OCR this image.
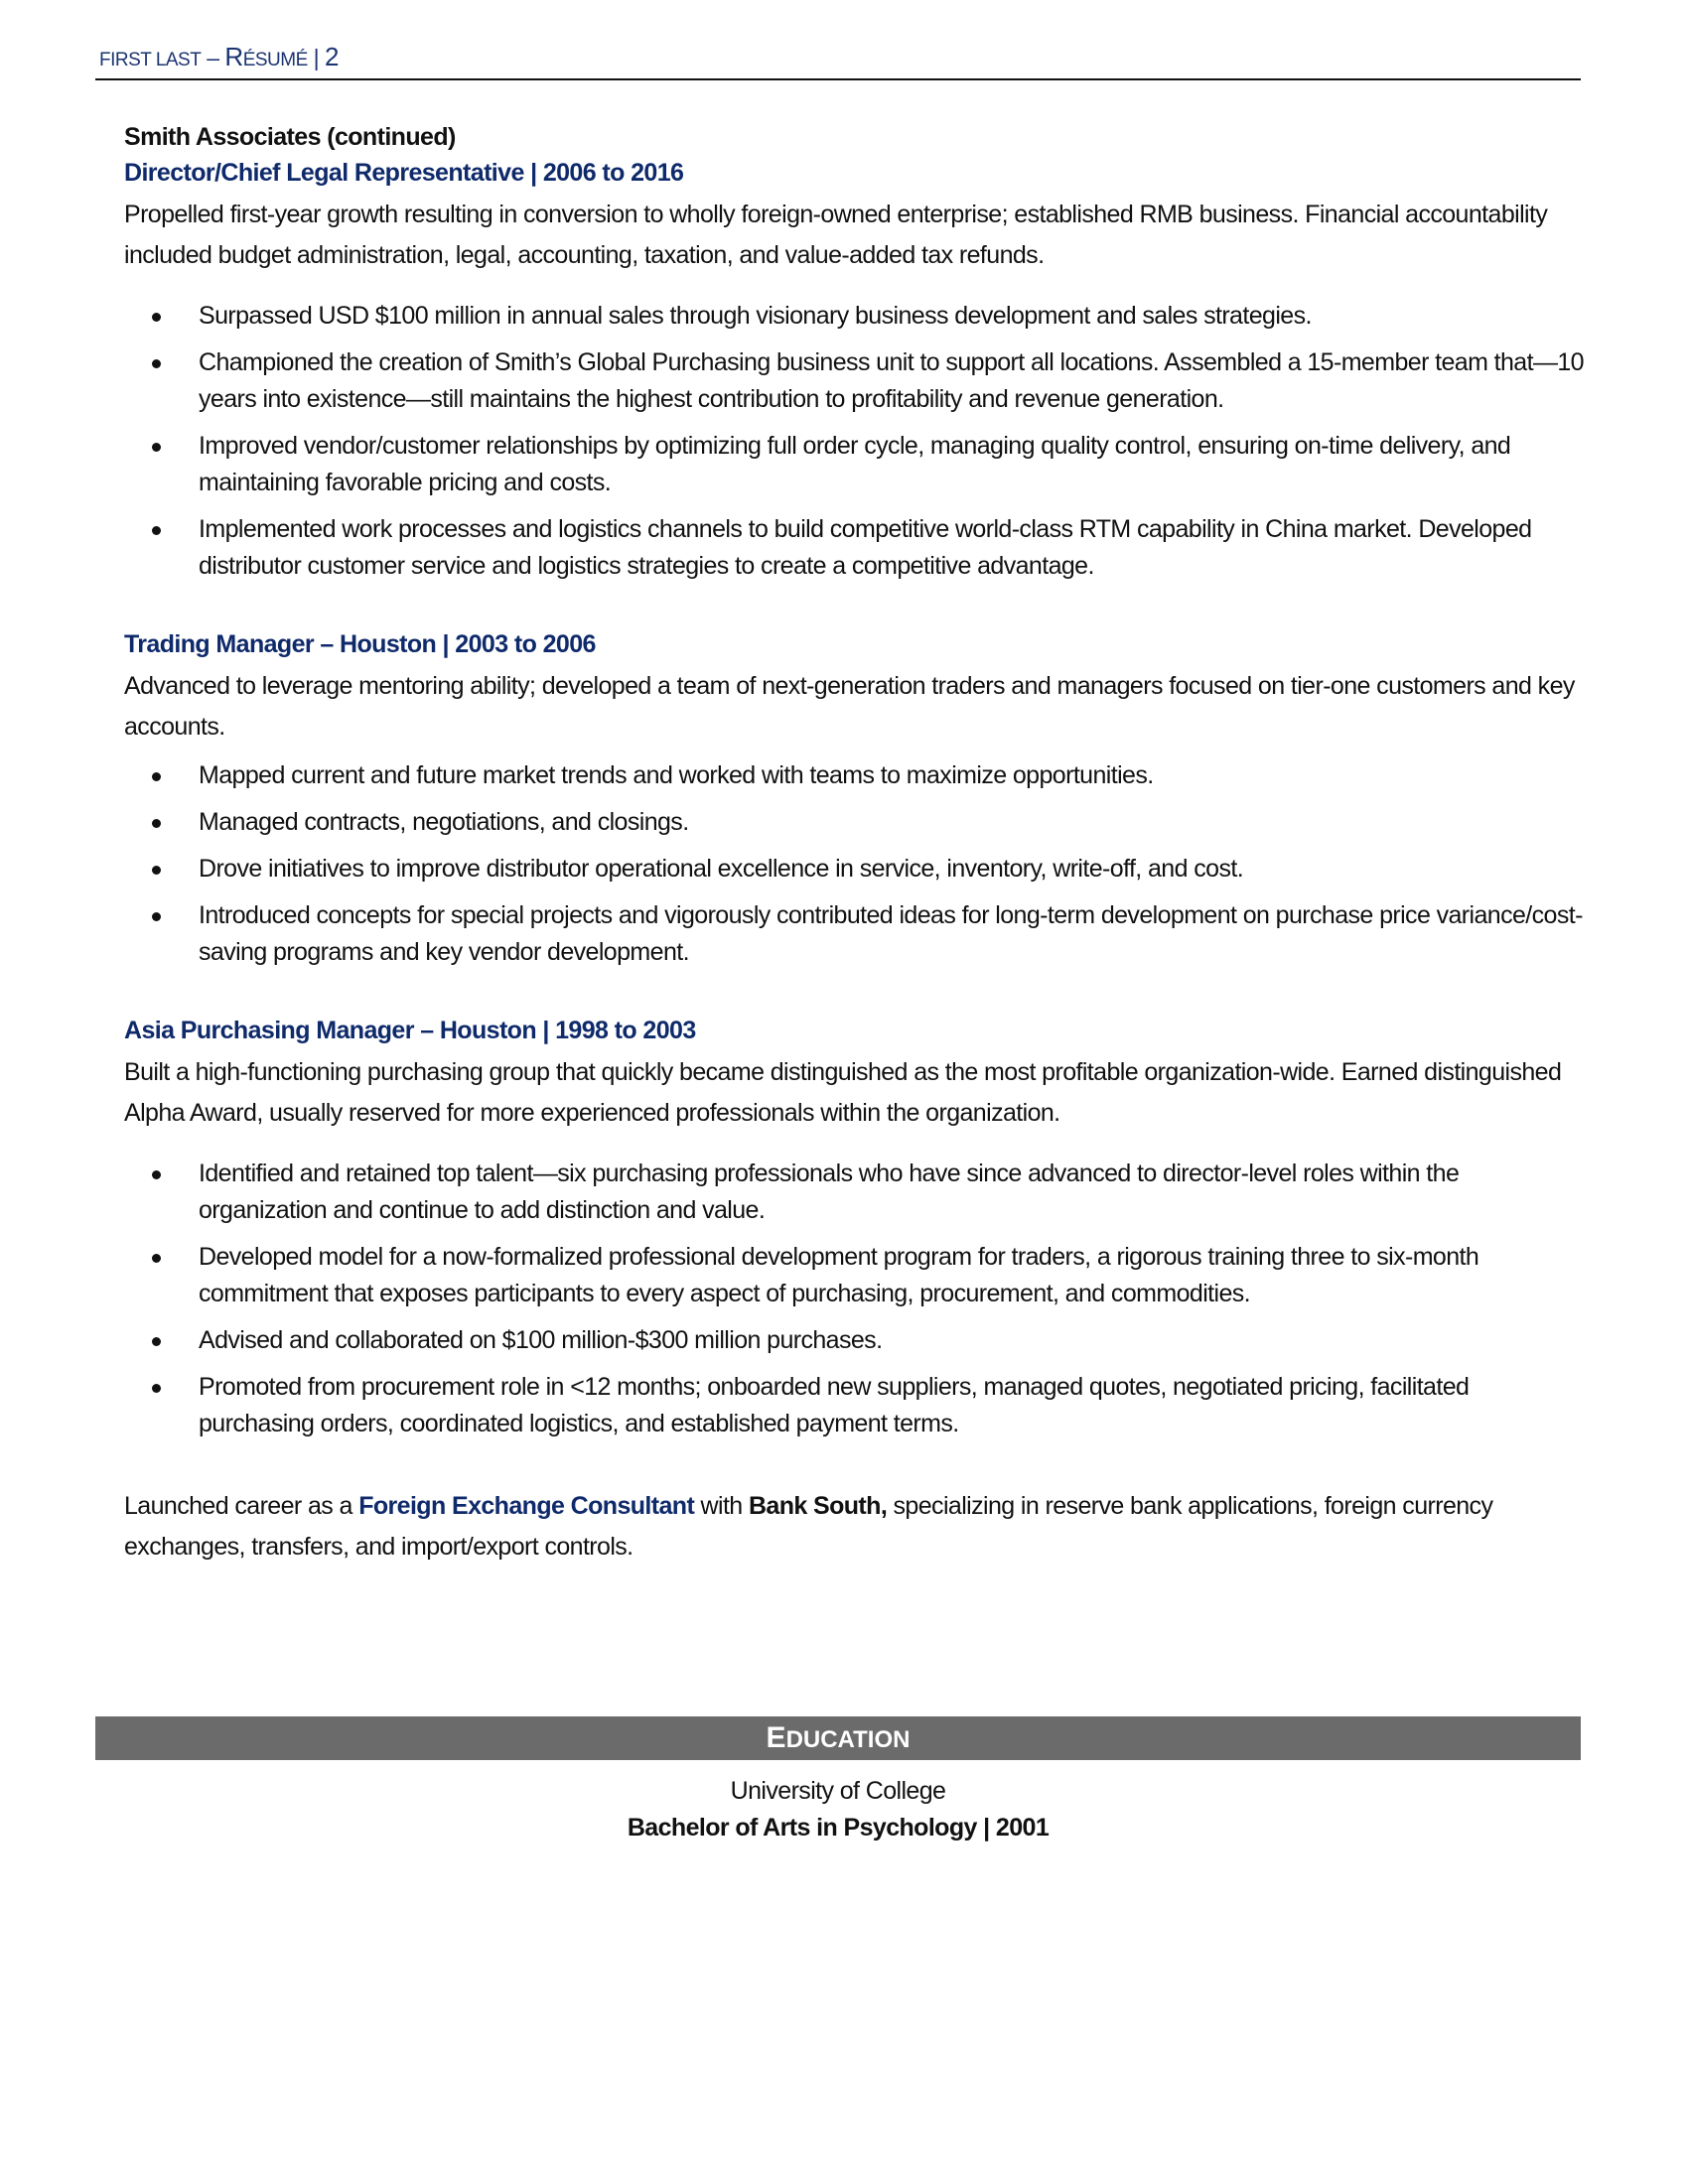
FIRST LAST – RÉSUMÉ | 2
Smith Associates (continued)
Director/Chief Legal Representative | 2006 to 2016
Propelled first-year growth resulting in conversion to wholly foreign-owned enterprise; established RMB business. Financial accountability included budget administration, legal, accounting, taxation, and value-added tax refunds.
Surpassed USD $100 million in annual sales through visionary business development and sales strategies.
Championed the creation of Smith’s Global Purchasing business unit to support all locations. Assembled a 15-member team that—10 years into existence—still maintains the highest contribution to profitability and revenue generation.
Improved vendor/customer relationships by optimizing full order cycle, managing quality control, ensuring on-time delivery, and maintaining favorable pricing and costs.
Implemented work processes and logistics channels to build competitive world-class RTM capability in China market. Developed distributor customer service and logistics strategies to create a competitive advantage.
Trading Manager – Houston | 2003 to 2006
Advanced to leverage mentoring ability; developed a team of next-generation traders and managers focused on tier-one customers and key accounts.
Mapped current and future market trends and worked with teams to maximize opportunities.
Managed contracts, negotiations, and closings.
Drove initiatives to improve distributor operational excellence in service, inventory, write-off, and cost.
Introduced concepts for special projects and vigorously contributed ideas for long-term development on purchase price variance/cost-saving programs and key vendor development.
Asia Purchasing Manager – Houston | 1998 to 2003
Built a high-functioning purchasing group that quickly became distinguished as the most profitable organization-wide. Earned distinguished Alpha Award, usually reserved for more experienced professionals within the organization.
Identified and retained top talent—six purchasing professionals who have since advanced to director-level roles within the organization and continue to add distinction and value.
Developed model for a now-formalized professional development program for traders, a rigorous training three to six-month commitment that exposes participants to every aspect of purchasing, procurement, and commodities.
Advised and collaborated on $100 million-$300 million purchases.
Promoted from procurement role in <12 months; onboarded new suppliers, managed quotes, negotiated pricing, facilitated purchasing orders, coordinated logistics, and established payment terms.
Launched career as a Foreign Exchange Consultant with Bank South, specializing in reserve bank applications, foreign currency exchanges, transfers, and import/export controls.
EDUCATION
University of College
Bachelor of Arts in Psychology | 2001
